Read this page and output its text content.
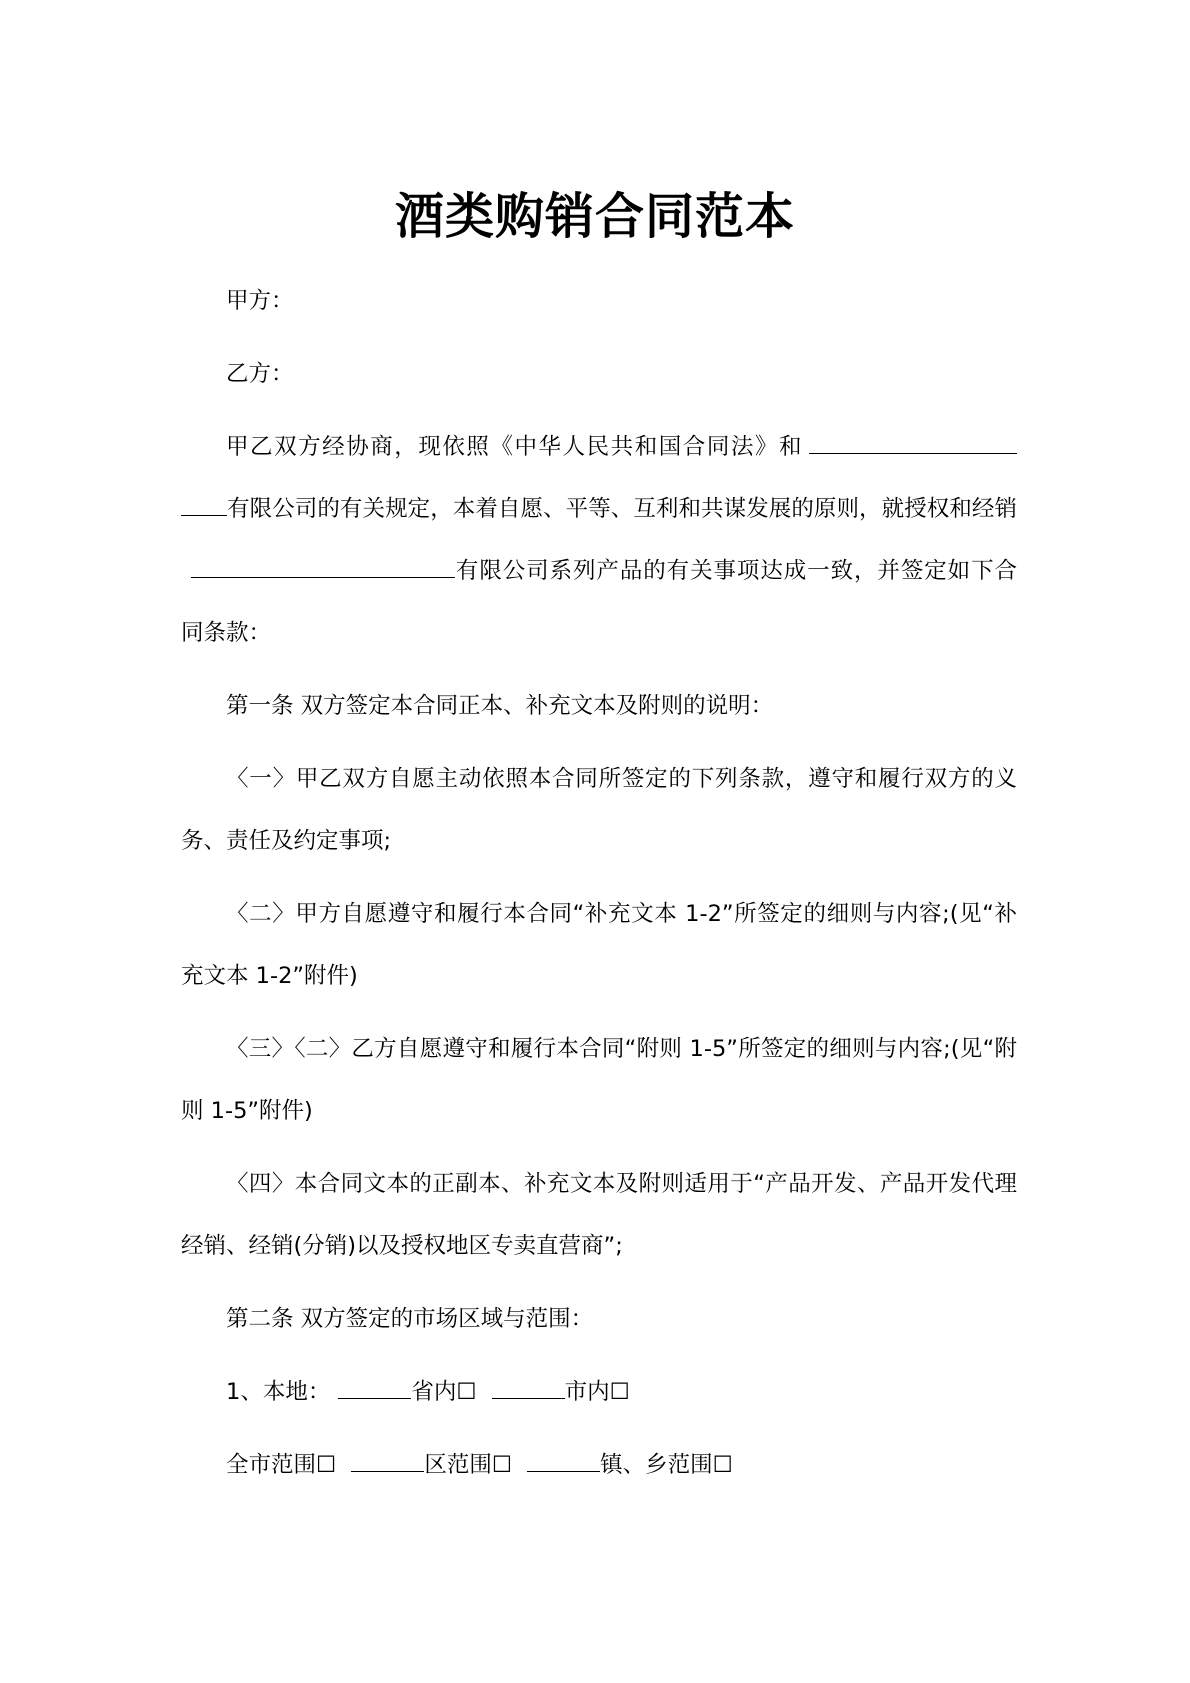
酒类购销合同范本

甲方：

乙方：

甲乙双方经协商，现依照《中华人民共和国合同法》和有限公司的有关规定，本着自愿、平等、互利和共谋发展的原则，就授权和经销有限公司系列产品的有关事项达成一致，并签定如下合同条款：

第一条 双方签定本合同正本、补充文本及附则的说明：

〈一〉甲乙双方自愿主动依照本合同所签定的下列条款，遵守和履行双方的义务、责任及约定事项;

〈二〉甲方自愿遵守和履行本合同“补充文本 1-2”所签定的细则与内容;(见“补充文本 1-2”附件)

〈三〉〈二〉乙方自愿遵守和履行本合同“附则 1-5”所签定的细则与内容;(见“附则 1-5”附件)

〈四〉本合同文本的正副本、补充文本及附则适用于“产品开发、产品开发代理经销、经销(分销)以及授权地区专卖直营商”;

第二条 双方签定的市场区域与范围：

1、本地：	省内☐	市内☐

全市范围☐	区范围☐	镇、乡范围☐
